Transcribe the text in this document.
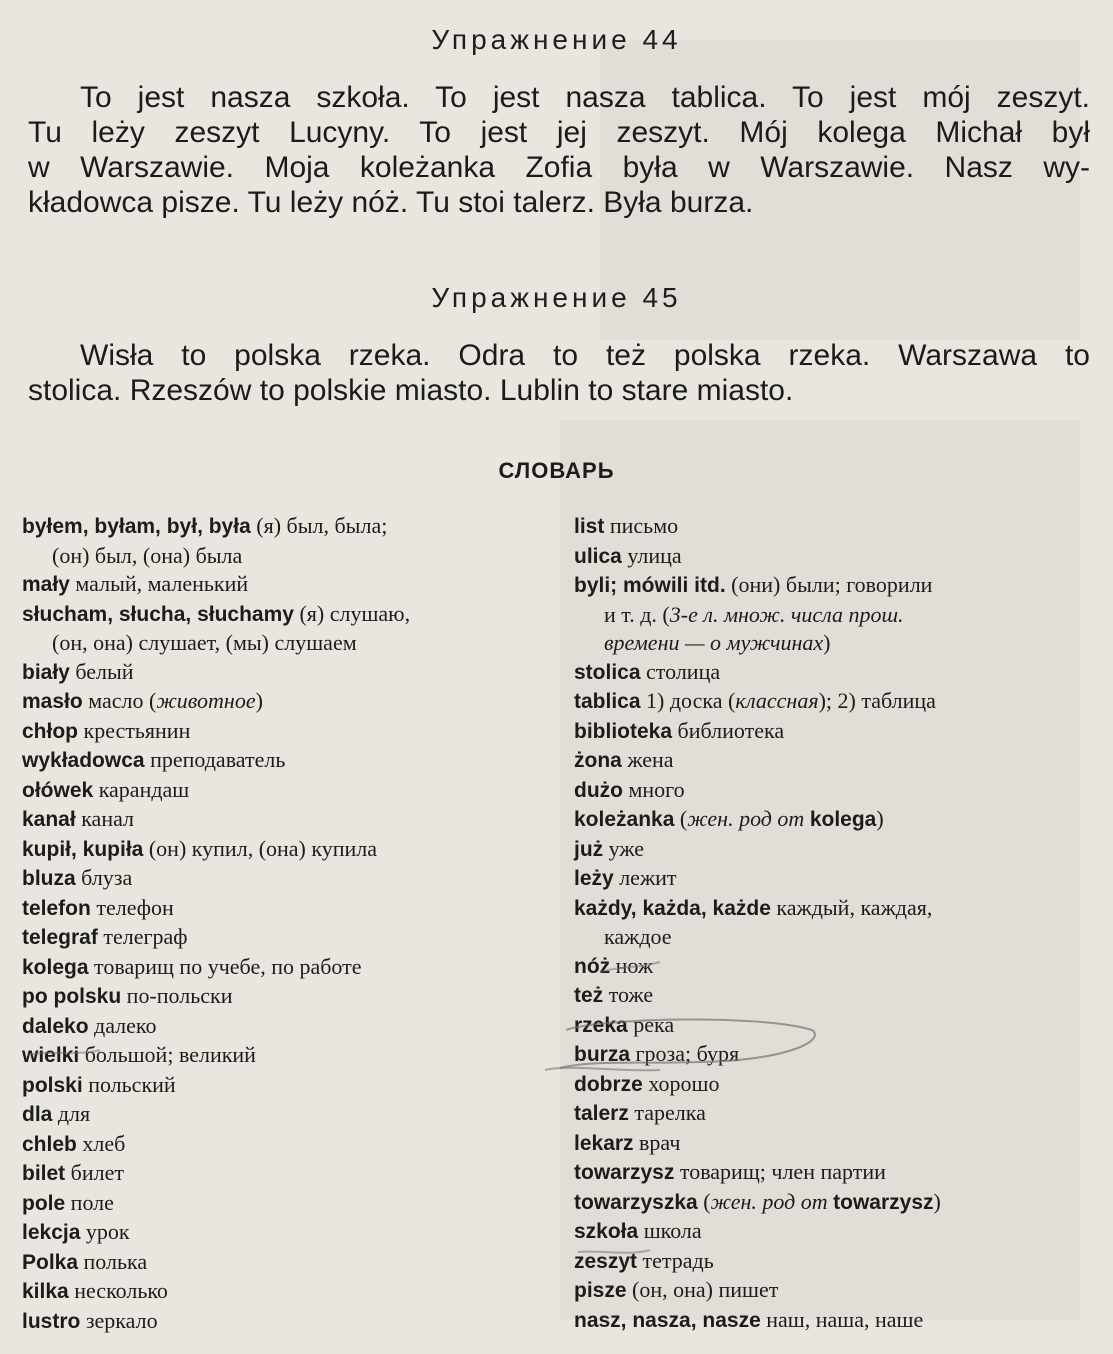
Упражнение 44
To jest nasza szkoła. To jest nasza tablica. To jest mój zeszyt.
Tu leży zeszyt Lucyny. To jest jej zeszyt. Mój kolega Michał był
w Warszawie. Moja koleżanka Zofia była w Warszawie. Nasz wy-
kładowca pisze. Tu leży nóż. Tu stoi talerz. Była burza.
Упражнение 45
Wisła to polska rzeka. Odra to też polska rzeka. Warszawa to
stolica. Rzeszów to polskie miasto. Lublin to stare miasto.
СЛОВАРЬ
byłem, byłam, był, była (я) был, была;
(он) был, (она) была
mały малый, маленький
słucham, słucha, słuchamy (я) слушаю,
(он, она) слушает, (мы) слушаем
biały белый
masło масло (животное)
chłop крестьянин
wykładowca преподаватель
ołówek карандаш
kanał канал
kupił, kupiła (он) купил, (она) купила
bluza блуза
telefon телефон
telegraf телеграф
kolega товарищ по учебе, по работе
po polsku по-польски
daleko далеко
wielki большой; великий
polski польский
dla для
chleb хлеб
bilet билет
pole поле
lekcja урок
Polka полька
kilka несколько
lustro зеркало
list письмо
ulica улица
byli; mówili itd. (они) были; говорили
и т. д. (3-е л. множ. числа прош.
времени — о мужчинах)
stolica столица
tablica 1) доска (классная); 2) таблица
biblioteka библиотека
żona жена
dużo много
koleżanka (жен. род от kolega)
już уже
leży лежит
każdy, każda, każde каждый, каждая,
каждое
nóż нож
też тоже
rzeka река
burza гроза; буря
dobrze хорошо
talerz тарелка
lekarz врач
towarzysz товарищ; член партии
towarzyszka (жен. род от towarzysz)
szkoła школа
zeszyt тетрадь
pisze (он, она) пишет
nasz, nasza, nasze наш, наша, наше
